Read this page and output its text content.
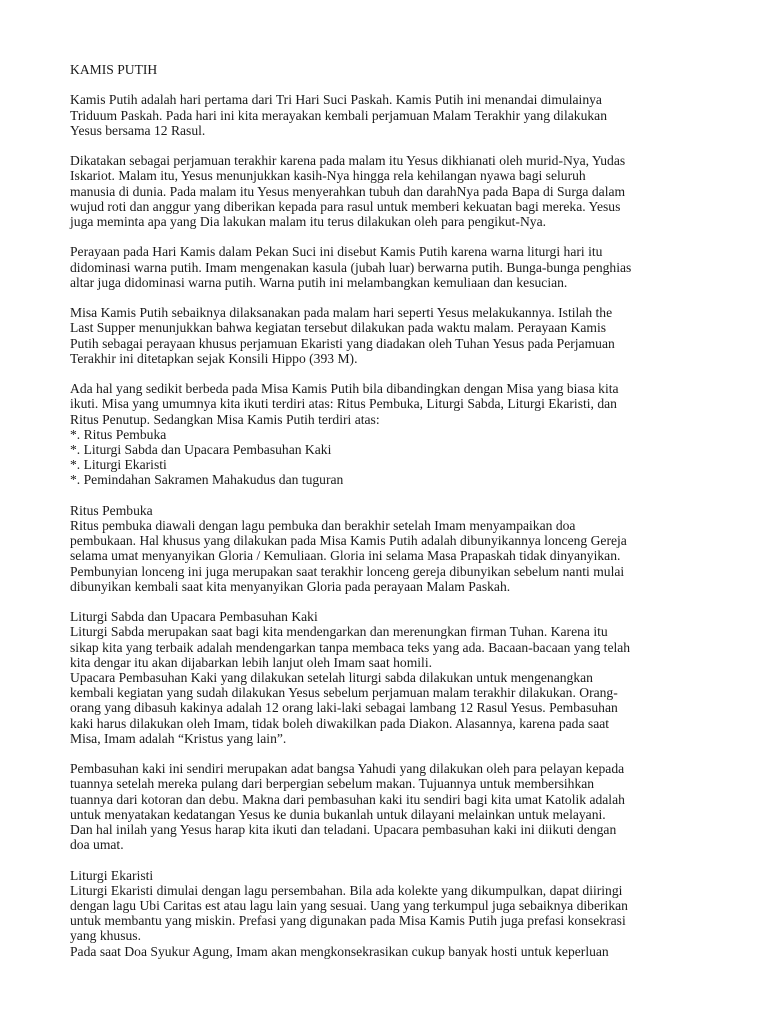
KAMIS PUTIH
Kamis Putih adalah hari pertama dari Tri Hari Suci Paskah. Kamis Putih ini menandai dimulainya
Triduum Paskah. Pada hari ini kita merayakan kembali perjamuan Malam Terakhir yang dilakukan
Yesus bersama 12 Rasul.
Dikatakan sebagai perjamuan terakhir karena pada malam itu Yesus dikhianati oleh murid-Nya, Yudas
Iskariot. Malam itu, Yesus menunjukkan kasih-Nya hingga rela kehilangan nyawa bagi seluruh
manusia di dunia. Pada malam itu Yesus menyerahkan tubuh dan darahNya pada Bapa di Surga dalam
wujud roti dan anggur yang diberikan kepada para rasul untuk memberi kekuatan bagi mereka. Yesus
juga meminta apa yang Dia lakukan malam itu terus dilakukan oleh para pengikut-Nya.
Perayaan pada Hari Kamis dalam Pekan Suci ini disebut Kamis Putih karena warna liturgi hari itu
didominasi warna putih. Imam mengenakan kasula (jubah luar) berwarna putih. Bunga-bunga penghias
altar juga didominasi warna putih. Warna putih ini melambangkan kemuliaan dan kesucian.
Misa Kamis Putih sebaiknya dilaksanakan pada malam hari seperti Yesus melakukannya. Istilah the
Last Supper menunjukkan bahwa kegiatan tersebut dilakukan pada waktu malam. Perayaan Kamis
Putih sebagai perayaan khusus perjamuan Ekaristi yang diadakan oleh Tuhan Yesus pada Perjamuan
Terakhir ini ditetapkan sejak Konsili Hippo (393 M).
Ada hal yang sedikit berbeda pada Misa Kamis Putih bila dibandingkan dengan Misa yang biasa kita
ikuti. Misa yang umumnya kita ikuti terdiri atas: Ritus Pembuka, Liturgi Sabda, Liturgi Ekaristi, dan
Ritus Penutup. Sedangkan Misa Kamis Putih terdiri atas:
*. Ritus Pembuka
*. Liturgi Sabda dan Upacara Pembasuhan Kaki
*. Liturgi Ekaristi
*. Pemindahan Sakramen Mahakudus dan tuguran
Ritus Pembuka
Ritus pembuka diawali dengan lagu pembuka dan berakhir setelah Imam menyampaikan doa
pembukaan. Hal khusus yang dilakukan pada Misa Kamis Putih adalah dibunyikannya lonceng Gereja
selama umat menyanyikan Gloria / Kemuliaan. Gloria ini selama Masa Prapaskah tidak dinyanyikan.
Pembunyian lonceng ini juga merupakan saat terakhir lonceng gereja dibunyikan sebelum nanti mulai
dibunyikan kembali saat kita menyanyikan Gloria pada perayaan Malam Paskah.
Liturgi Sabda dan Upacara Pembasuhan Kaki
Liturgi Sabda merupakan saat bagi kita mendengarkan dan merenungkan firman Tuhan. Karena itu
sikap kita yang terbaik adalah mendengarkan tanpa membaca teks yang ada. Bacaan-bacaan yang telah
kita dengar itu akan dijabarkan lebih lanjut oleh Imam saat homili.
Upacara Pembasuhan Kaki yang dilakukan setelah liturgi sabda dilakukan untuk mengenangkan
kembali kegiatan yang sudah dilakukan Yesus sebelum perjamuan malam terakhir dilakukan. Orang-
orang yang dibasuh kakinya adalah 12 orang laki-laki sebagai lambang 12 Rasul Yesus. Pembasuhan
kaki harus dilakukan oleh Imam, tidak boleh diwakilkan pada Diakon. Alasannya, karena pada saat
Misa, Imam adalah “Kristus yang lain”.
Pembasuhan kaki ini sendiri merupakan adat bangsa Yahudi yang dilakukan oleh para pelayan kepada
tuannya setelah mereka pulang dari berpergian sebelum makan. Tujuannya untuk membersihkan
tuannya dari kotoran dan debu. Makna dari pembasuhan kaki itu sendiri bagi kita umat Katolik adalah
untuk menyatakan kedatangan Yesus ke dunia bukanlah untuk dilayani melainkan untuk melayani.
Dan hal inilah yang Yesus harap kita ikuti dan teladani. Upacara pembasuhan kaki ini diikuti dengan
doa umat.
Liturgi Ekaristi
Liturgi Ekaristi dimulai dengan lagu persembahan. Bila ada kolekte yang dikumpulkan, dapat diiringi
dengan lagu Ubi Caritas est atau lagu lain yang sesuai. Uang yang terkumpul juga sebaiknya diberikan
untuk membantu yang miskin. Prefasi yang digunakan pada Misa Kamis Putih juga prefasi konsekrasi
yang khusus.
Pada saat Doa Syukur Agung, Imam akan mengkonsekrasikan cukup banyak hosti untuk keperluan
